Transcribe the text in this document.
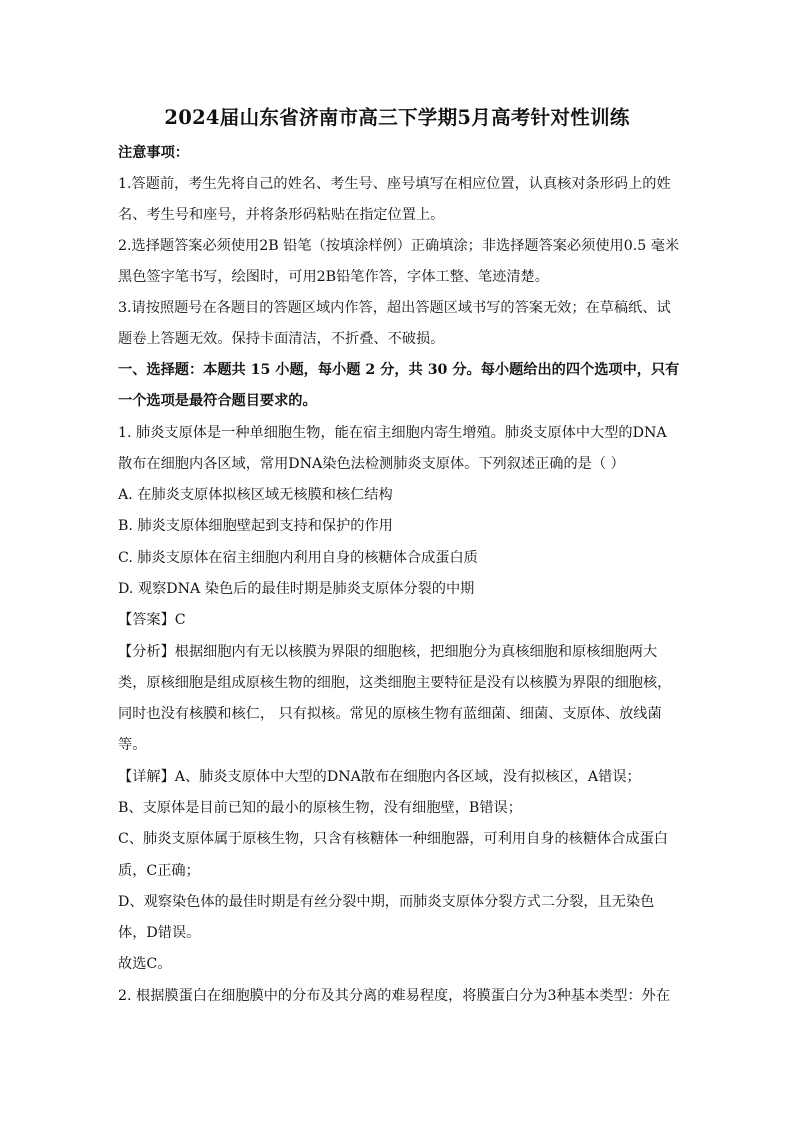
2024届山东省济南市高三下学期5月高考针对性训练
注意事项：
1.答题前，考生先将自己的姓名、考生号、座号填写在相应位置，认真核对条形码上的姓
名、考生号和座号，并将条形码粘贴在指定位置上。
2.选择题答案必须使用2B 铅笔（按填涂样例）正确填涂；非选择题答案必须使用0.5 毫米
黑色签字笔书写，绘图时，可用2B铅笔作答，字体工整、笔迹清楚。
3.请按照题号在各题目的答题区域内作答，超出答题区域书写的答案无效；在草稿纸、试
题卷上答题无效。保持卡面清洁，不折叠、不破损。
一、选择题：本题共 15 小题，每小题 2 分，共 30 分。每小题给出的四个选项中，只有
一个选项是最符合题目要求的。
1. 肺炎支原体是一种单细胞生物，能在宿主细胞内寄生增殖。肺炎支原体中大型的DNA
散布在细胞内各区域，常用DNA染色法检测肺炎支原体。下列叙述正确的是（ ）
A. 在肺炎支原体拟核区域无核膜和核仁结构
B. 肺炎支原体细胞壁起到支持和保护的作用
C. 肺炎支原体在宿主细胞内利用自身的核糖体合成蛋白质
D. 观察DNA 染色后的最佳时期是肺炎支原体分裂的中期
【答案】C
【分析】根据细胞内有无以核膜为界限的细胞核，把细胞分为真核细胞和原核细胞两大
类，原核细胞是组成原核生物的细胞，这类细胞主要特征是没有以核膜为界限的细胞核，
同时也没有核膜和核仁， 只有拟核。常见的原核生物有蓝细菌、细菌、支原体、放线菌
等。
【详解】A、肺炎支原体中大型的DNA散布在细胞内各区域，没有拟核区，A错误；
B、支原体是目前已知的最小的原核生物，没有细胞壁，B错误；
C、肺炎支原体属于原核生物，只含有核糖体一种细胞器，可利用自身的核糖体合成蛋白
质，C正确；
D、观察染色体的最佳时期是有丝分裂中期，而肺炎支原体分裂方式二分裂，且无染色
体，D错误。
故选C。
2. 根据膜蛋白在细胞膜中的分布及其分离的难易程度，将膜蛋白分为3种基本类型：外在
